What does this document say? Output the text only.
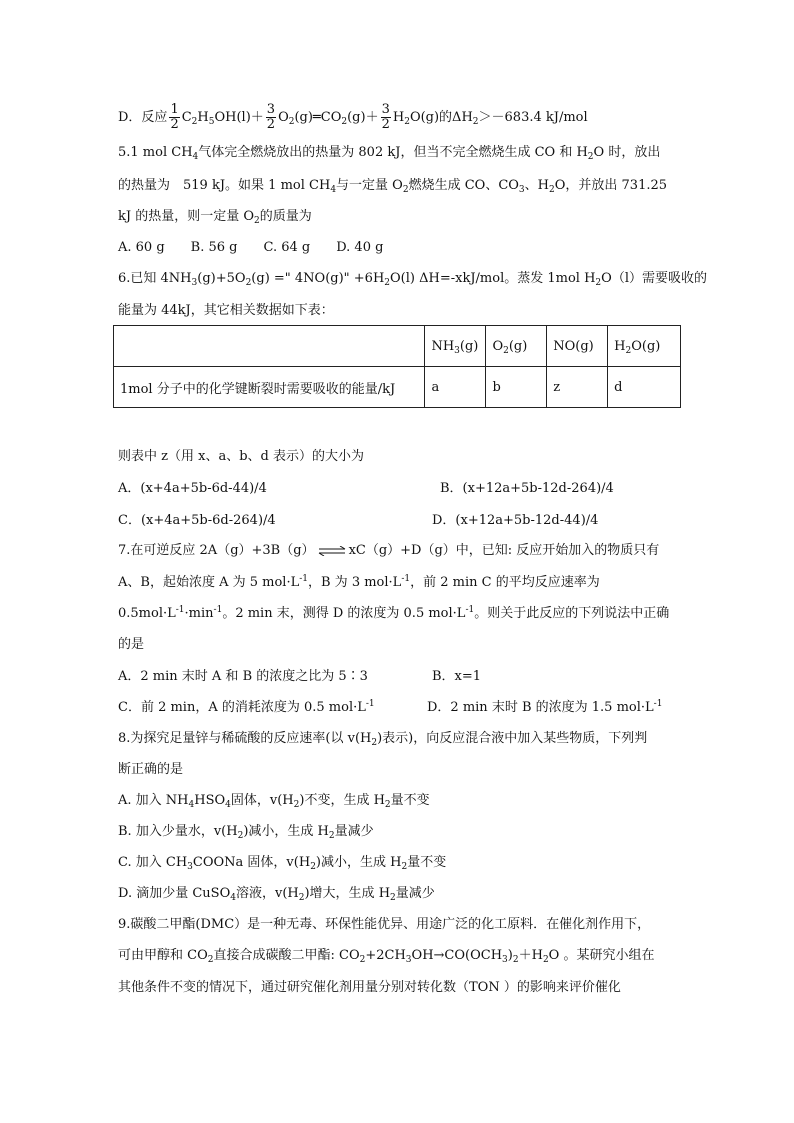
D．反应 $\frac{1}{2} C_2H_5OH(l)+ \frac{3}{2}$ $O_2(g)═CO_2(g)+ \frac{3}{2} H_2O(g)$的$\Delta H_2>-683.4$ kJ/mol
5.1 mol $CH_4$气体完全燃烧放出的热量为 802 kJ，但当不完全燃烧生成 CO 和 $H_2O$ 时，放出
的热量为　519 kJ。如果 1 mol $CH_4$与一定量 $O_2$燃烧生成 CO、$CO_3$、$H_2O$，并放出 731.25
kJ 的热量，则一定量 $O_2$的质量为
A. 60 g　　B. 56 g　　C. 64 g　　D. 40 g
6.已知 $4NH_3(g)+5O_2(g)$ =" 4NO(g)" $+6H_2O(l)$ ΔH=-xkJ/mol。蒸发 1mol $H_2O(l)$需要吸收的
能量为 44kJ，其它相关数据如下表：
	$NH_3(g)$	$O_2(g)$	NO(g)	$H_2O(g)$
1mol 分子中的化学键断裂时需要吸收的能量/kJ	a	b	z	d
则表中 z（用 x、a、b、d 表示）的大小为
A．(x+4a+5b-6d-44)/4	B．(x+12a+5b-12d-264)/4
C．(x+4a+5b-6d-264)/4	D．(x+12a+5b-12d-44)/4
7.在可逆反应 2A（g）+3B（g） ⇌ xC（g）+D（g）中，已知: 反应开始加入的物质只有
A、B，起始浓度 A 为 5 $mol\cdot L^{-1}$，B 为 3 $mol\cdot L^{-1}$，前 2 min C 的平均反应速率为
$0.5mol\cdot L^{-1}\cdot\min^{-1}$。2 min 末，测得 D 的浓度为 0.5 $mol\cdot L^{-1}$。则关于此反应的下列说法中正确
的是
A．2 min 末时 A 和 B 的浓度之比为 5∶3	B．x=1
C．前 2 min，A 的消耗浓度为 0.5 $mol\cdot L^{-1}$	D．2 min 末时 B 的浓度为 1.5 $mol\cdot L^{-1}$
8.为探究足量锌与稀硫酸的反应速率(以 $v(H_2)$表示)，向反应混合液中加入某些物质，下列判
断正确的是
A. 加入 $NH_4HSO_4$固体，$v(H_2)$不变，生成 $H_2$量不变
B. 加入少量水，$v(H_2)$减小，生成 $H_2$量减少
C. 加入 $CH_3COONa$ 固体，$v(H_2)$减小，生成 $H_2$量不变
D. 滴加少量 CuSO$_4$溶液，$v(H_2)$增大，生成 $H_2$量减少
9.碳酸二甲酯(DMC）是一种无毒、环保性能优异、用途广泛的化工原料．在催化剂作用下，
可由甲醇和 $CO_2$直接合成碳酸二甲酯: $CO_2+2CH_3OH\to CO(OCH_3)_2+H_2O$ 。某研究小组在
其他条件不变的情况下，通过研究催化剂用量分别对转化数（TON ）的影响来评价催化
